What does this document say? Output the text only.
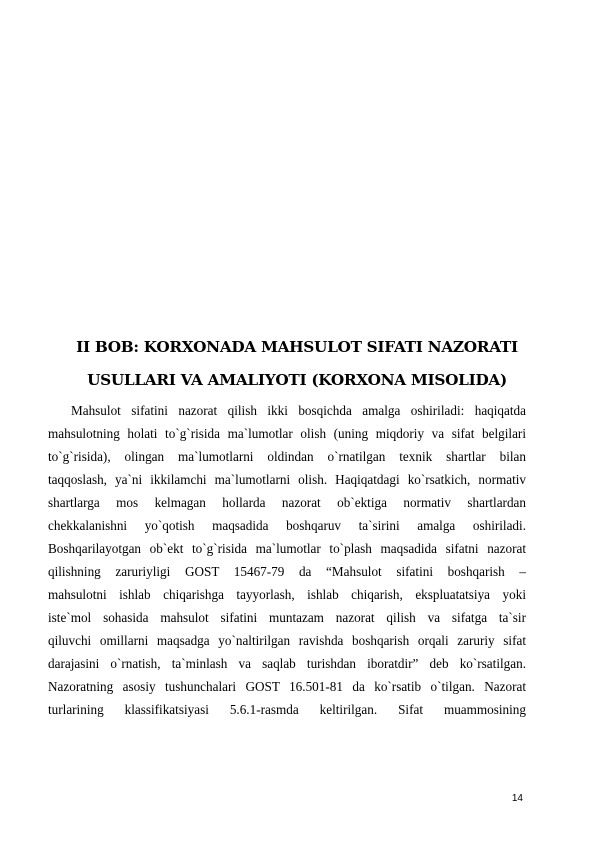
II BOB: KORXONADA MAHSULOT SIFATI NAZORATI
USULLARI VA AMALIYOTI (KORXONA MISOLIDA)
Mahsulot sifatini nazorat qilish ikki bosqichda amalga oshiriladi: haqiqatda
mahsulotning holati to`g`risida ma`lumotlar olish (uning miqdoriy va sifat belgilari
to`g`risida), olingan ma`lumotlarni oldindan o`rnatilgan texnik shartlar bilan
taqqoslash, ya`ni ikkilamchi ma`lumotlarni olish. Haqiqatdagi ko`rsatkich, normativ
shartlarga mos kelmagan hollarda nazorat ob`ektiga normativ shartlardan
chekkalanishni yo`qotish maqsadida boshqaruv ta`sirini amalga oshiriladi.
Boshqarilayotgan ob`ekt to`g`risida ma`lumotlar to`plash maqsadida sifatni nazorat
qilishning zaruriyligi GOST 15467-79 da “Mahsulot sifatini boshqarish –
mahsulotni ishlab chiqarishga tayyorlash, ishlab chiqarish, ekspluatatsiya yoki
iste`mol sohasida mahsulot sifatini muntazam nazorat qilish va sifatga ta`sir
qiluvchi omillarni maqsadga yo`naltirilgan ravishda boshqarish orqali zaruriy sifat
darajasini o`rnatish, ta`minlash va saqlab turishdan iboratdir” deb ko`rsatilgan.
Nazoratning asosiy tushunchalari GOST 16.501-81 da ko`rsatib o`tilgan. Nazorat
turlarining klassifikatsiyasi 5.6.1-rasmda keltirilgan. Sifat muammosining
14
